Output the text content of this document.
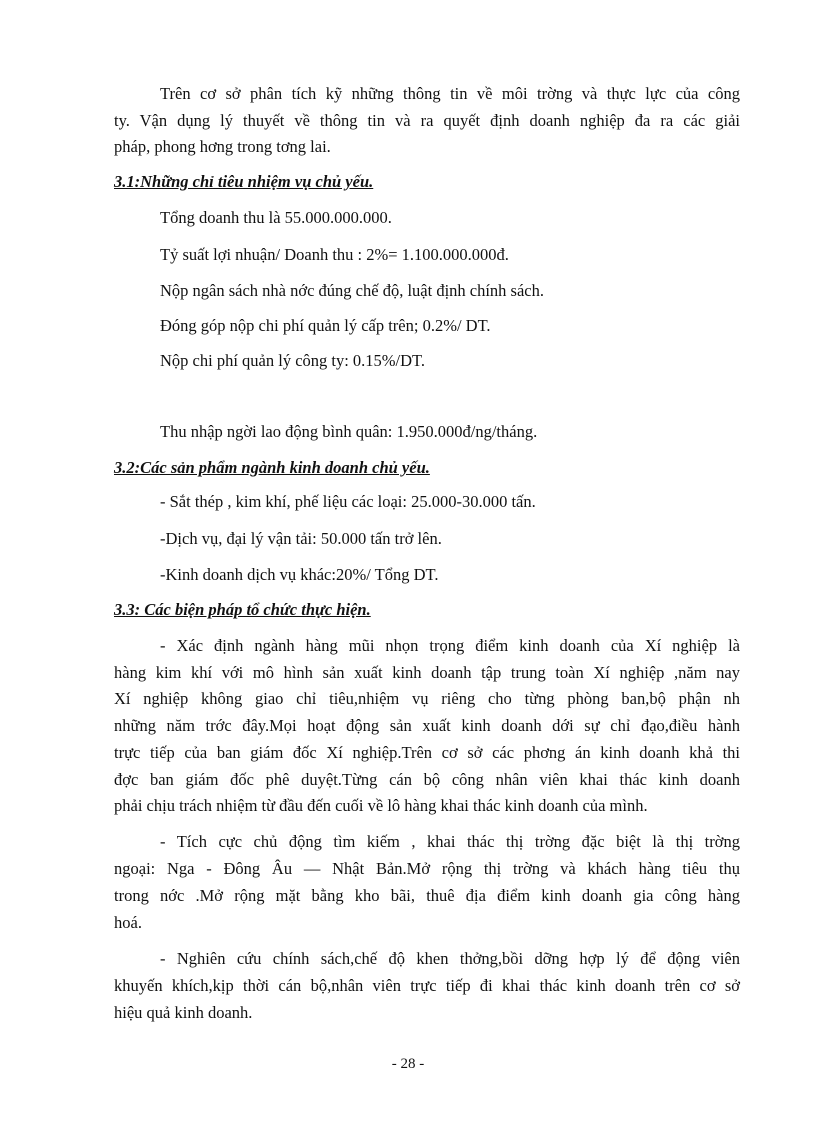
Trên cơ sở phân tích kỹ những thông tin về môi trờng và thực lực của công
ty. Vận dụng lý thuyết về thông tin và ra quyết định doanh nghiệp đa ra các giải
pháp, phong hơng trong tơng lai.
3.1:Những chỉ tiêu nhiệm vụ chủ yếu.
Tổng doanh thu là 55.000.000.000.
Tỷ suất lợi nhuận/ Doanh thu : 2%= 1.100.000.000đ.
Nộp ngân sách nhà nớc đúng chế độ, luật định chính sách.
Đóng góp nộp chi phí quản lý cấp trên; 0.2%/ DT.
Nộp chi phí quản lý công ty: 0.15%/DT.
Thu nhập ngời lao động bình quân: 1.950.000đ/ng/tháng.
3.2:Các sản phẩm ngành kinh doanh chủ yếu.
- Sắt thép , kim khí, phế liệu các loại: 25.000-30.000 tấn.
-Dịch vụ, đại lý vận tải: 50.000 tấn trở lên.
-Kinh doanh dịch vụ khác:20%/ Tổng DT.
3.3: Các biện pháp tổ chức thực hiện.
- Xác định ngành hàng mũi nhọn trọng điểm kinh doanh của Xí nghiệp là
hàng kim khí với mô hình sản xuất kinh doanh tập trung toàn Xí nghiệp ,năm nay
Xí nghiệp không giao chỉ tiêu,nhiệm vụ riêng cho từng phòng ban,bộ phận nh
những năm trớc đây.Mọi hoạt động sản xuất kinh doanh dới sự chỉ đạo,điều hành
trực tiếp của ban giám đốc Xí nghiệp.Trên cơ sở các phơng án kinh doanh khả thi
đợc ban giám đốc phê duyệt.Từng cán bộ công nhân viên khai thác kinh doanh
phải chịu trách nhiệm từ đầu đến cuối về lô hàng khai thác kinh doanh của mình.
- Tích cực chủ động tìm kiếm , khai thác thị trờng đặc biệt là thị trờng
ngoại: Nga - Đông Âu — Nhật Bản.Mở rộng thị trờng và khách hàng tiêu thụ
trong nớc .Mở rộng mặt bằng kho bãi, thuê địa điểm kinh doanh gia công hàng
hoá.
- Nghiên cứu chính sách,chế độ khen thởng,bồi dỡng hợp lý để động viên
khuyến khích,kịp thời cán bộ,nhân viên trực tiếp đi khai thác kinh doanh trên cơ sở
hiệu quả kinh doanh.
- 28 -
